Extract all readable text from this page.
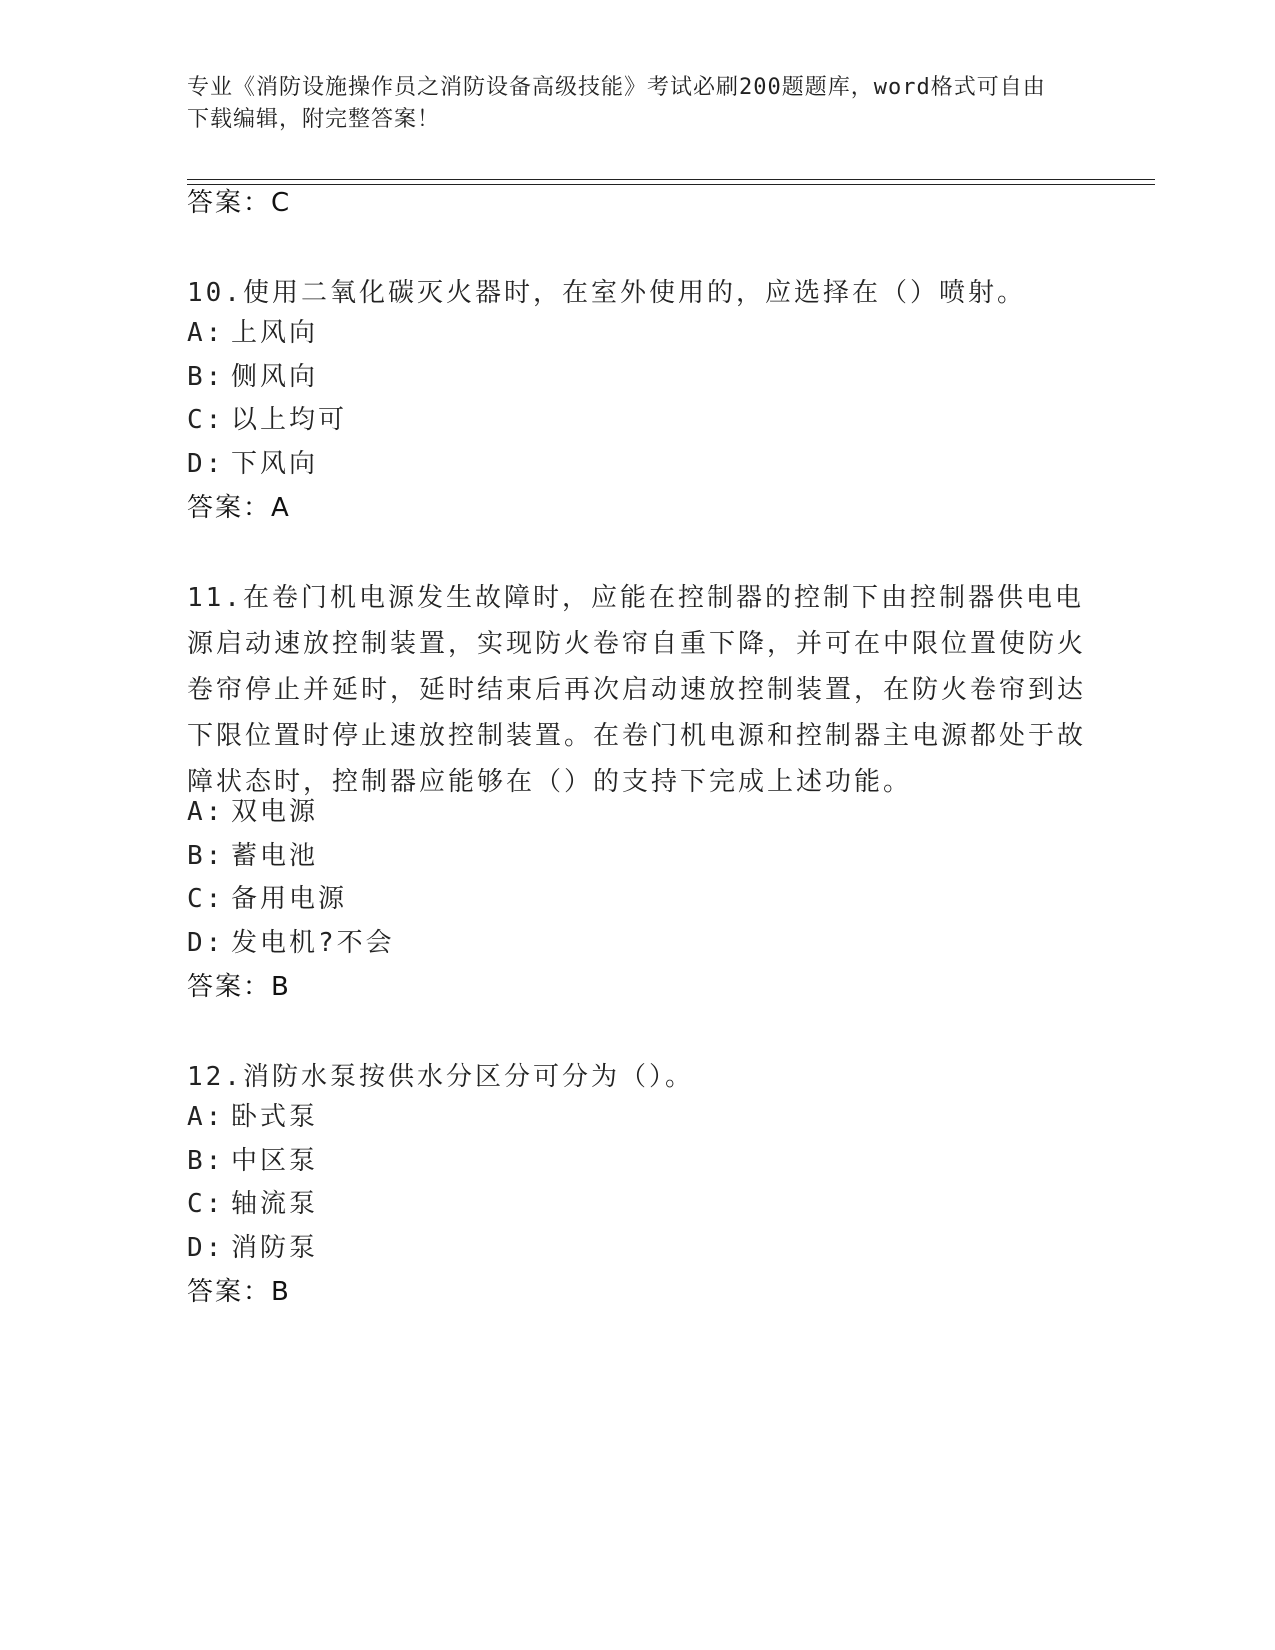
专业《消防设施操作员之消防设备高级技能》考试必刷200题题库，word格式可自由下载编辑，附完整答案！
答案：C
10.使用二氧化碳灭火器时，在室外使用的，应选择在（）喷射。
A: 上风向
B: 侧风向
C: 以上均可
D: 下风向
答案：A
11.在卷门机电源发生故障时，应能在控制器的控制下由控制器供电电源启动速放控制装置，实现防火卷帘自重下降，并可在中限位置使防火卷帘停止并延时，延时结束后再次启动速放控制装置，在防火卷帘到达下限位置时停止速放控制装置。在卷门机电源和控制器主电源都处于故障状态时，控制器应能够在（）的支持下完成上述功能。
A: 双电源
B: 蓄电池
C: 备用电源
D: 发电机?不会
答案：B
12.消防水泵按供水分区分可分为（）。
A: 卧式泵
B: 中区泵
C: 轴流泵
D: 消防泵
答案：B
